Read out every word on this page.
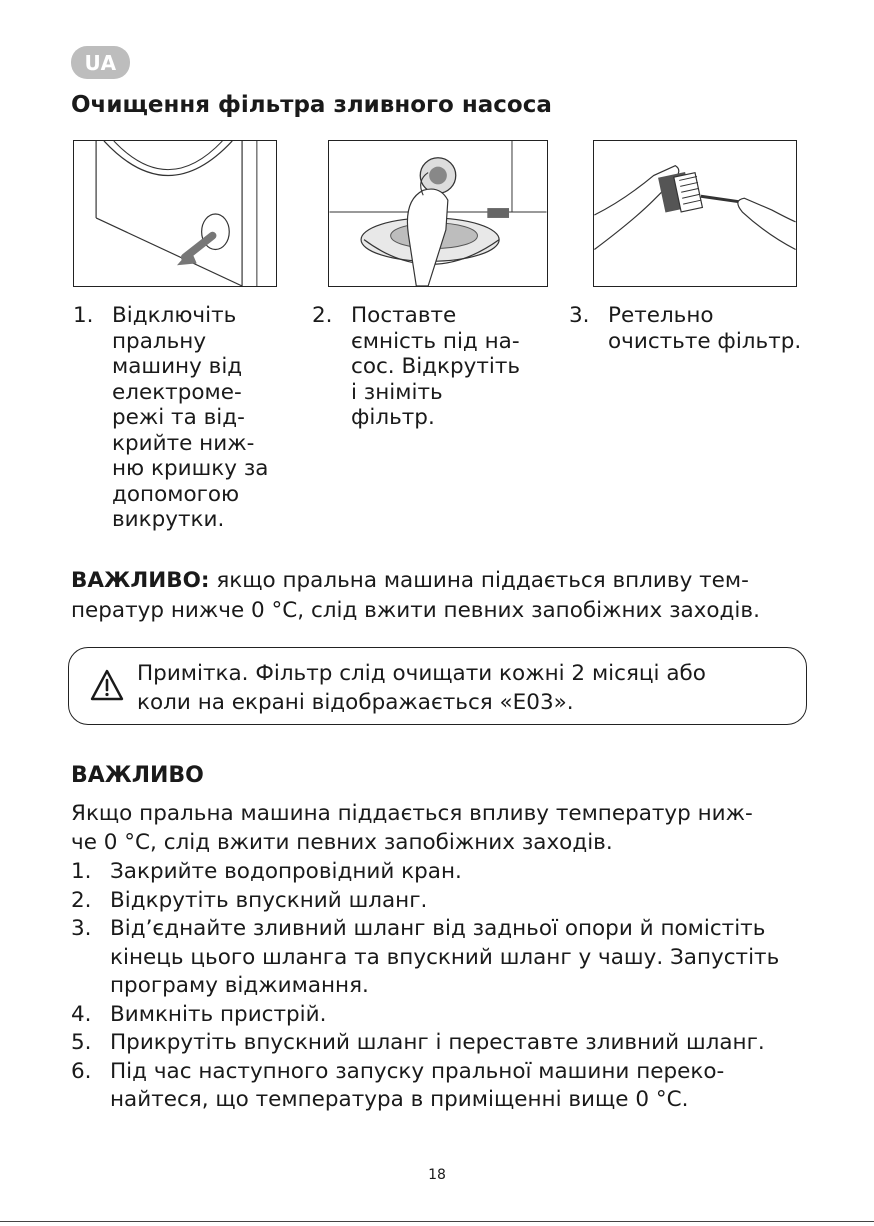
UA
Очищення фільтра зливного насоса
1. Відключіть
пральну
машину від
електроме-
режі та від-
крийте ниж-
ню кришку за
допомогою
викрутки.
2. Поставте
ємність під на-
сос. Відкрутіть
і зніміть
фільтр.
3. Ретельно
очистьте фільтр.
ВАЖЛИВО: якщо пральна машина піддається впливу тем-
ператур нижче 0 °C, слід вжити певних запобіжних заходів.
Примітка. Фільтр слід очищати кожні 2 місяці або
коли на екрані відображається «E03».
ВАЖЛИВО
Якщо пральна машина піддається впливу температур ниж-
че 0 °C, слід вжити певних запобіжних заходів.
1. Закрийте водопровідний кран.
2. Відкрутіть впускний шланг.
3. Від’єднайте зливний шланг від задньої опори й помістіть
кінець цього шланга та впускний шланг у чашу. Запустіть
програму віджимання.
4. Вимкніть пристрій.
5. Прикрутіть впускний шланг і переставте зливний шланг.
6. Під час наступного запуску пральної машини переко-
найтеся, що температура в приміщенні вище 0 °C.
18
